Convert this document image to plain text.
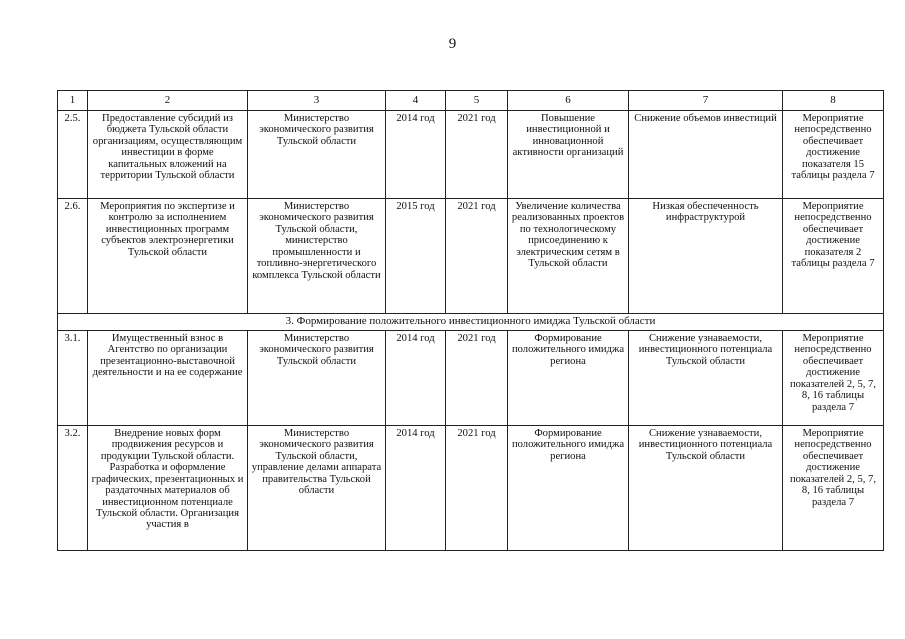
9
1	2	3	4	5	6	7	8
2.5.	Предоставление субсидий из бюджета Тульской области организациям, осуществляющим инвестиции в форме капитальных вложений на территории Тульской области	Министерство экономического развития Тульской области	2014 год	2021 год	Повышение инвестиционной и инновационной активности организаций	Снижение объемов инвестиций	Мероприятие непосредственно обеспечивает достижение показателя 15 таблицы раздела 7
2.6.	Мероприятия по экспертизе и контролю за исполнением инвестиционных программ субъектов электроэнергетики Тульской области	Министерство экономического развития Тульской области, министерство промышленности и топливно-энергетического комплекса Тульской области	2015 год	2021 год	Увеличение количества реализованных проектов по технологическому присоединению к электрическим сетям в Тульской области	Низкая обеспеченность инфраструктурой	Мероприятие непосредственно обеспечивает достижение показателя 2 таблицы раздела 7
3. Формирование положительного инвестиционного имиджа Тульской области							
3.1.	Имущественный взнос в Агентство по организации презентационно-выставочной деятельности и на ее содержание	Министерство экономического развития Тульской области	2014 год	2021 год	Формирование положительного имиджа региона	Снижение узнаваемости, инвестиционного потенциала Тульской области	Мероприятие непосредственно обеспечивает достижение показателей 2, 5, 7, 8, 16 таблицы раздела 7
3.2.	Внедрение новых форм продвижения ресурсов и продукции Тульской области. Разработка и оформление графических, презентационных и раздаточных материалов об инвестиционном потенциале Тульской области. Организация участия в	Министерство экономического развития Тульской области, управление делами аппарата правительства Тульской области	2014 год	2021 год	Формирование положительного имиджа региона	Снижение узнаваемости, инвестиционного потенциала Тульской области	Мероприятие непосредственно обеспечивает достижение показателей 2, 5, 7, 8, 16 таблицы раздела 7
